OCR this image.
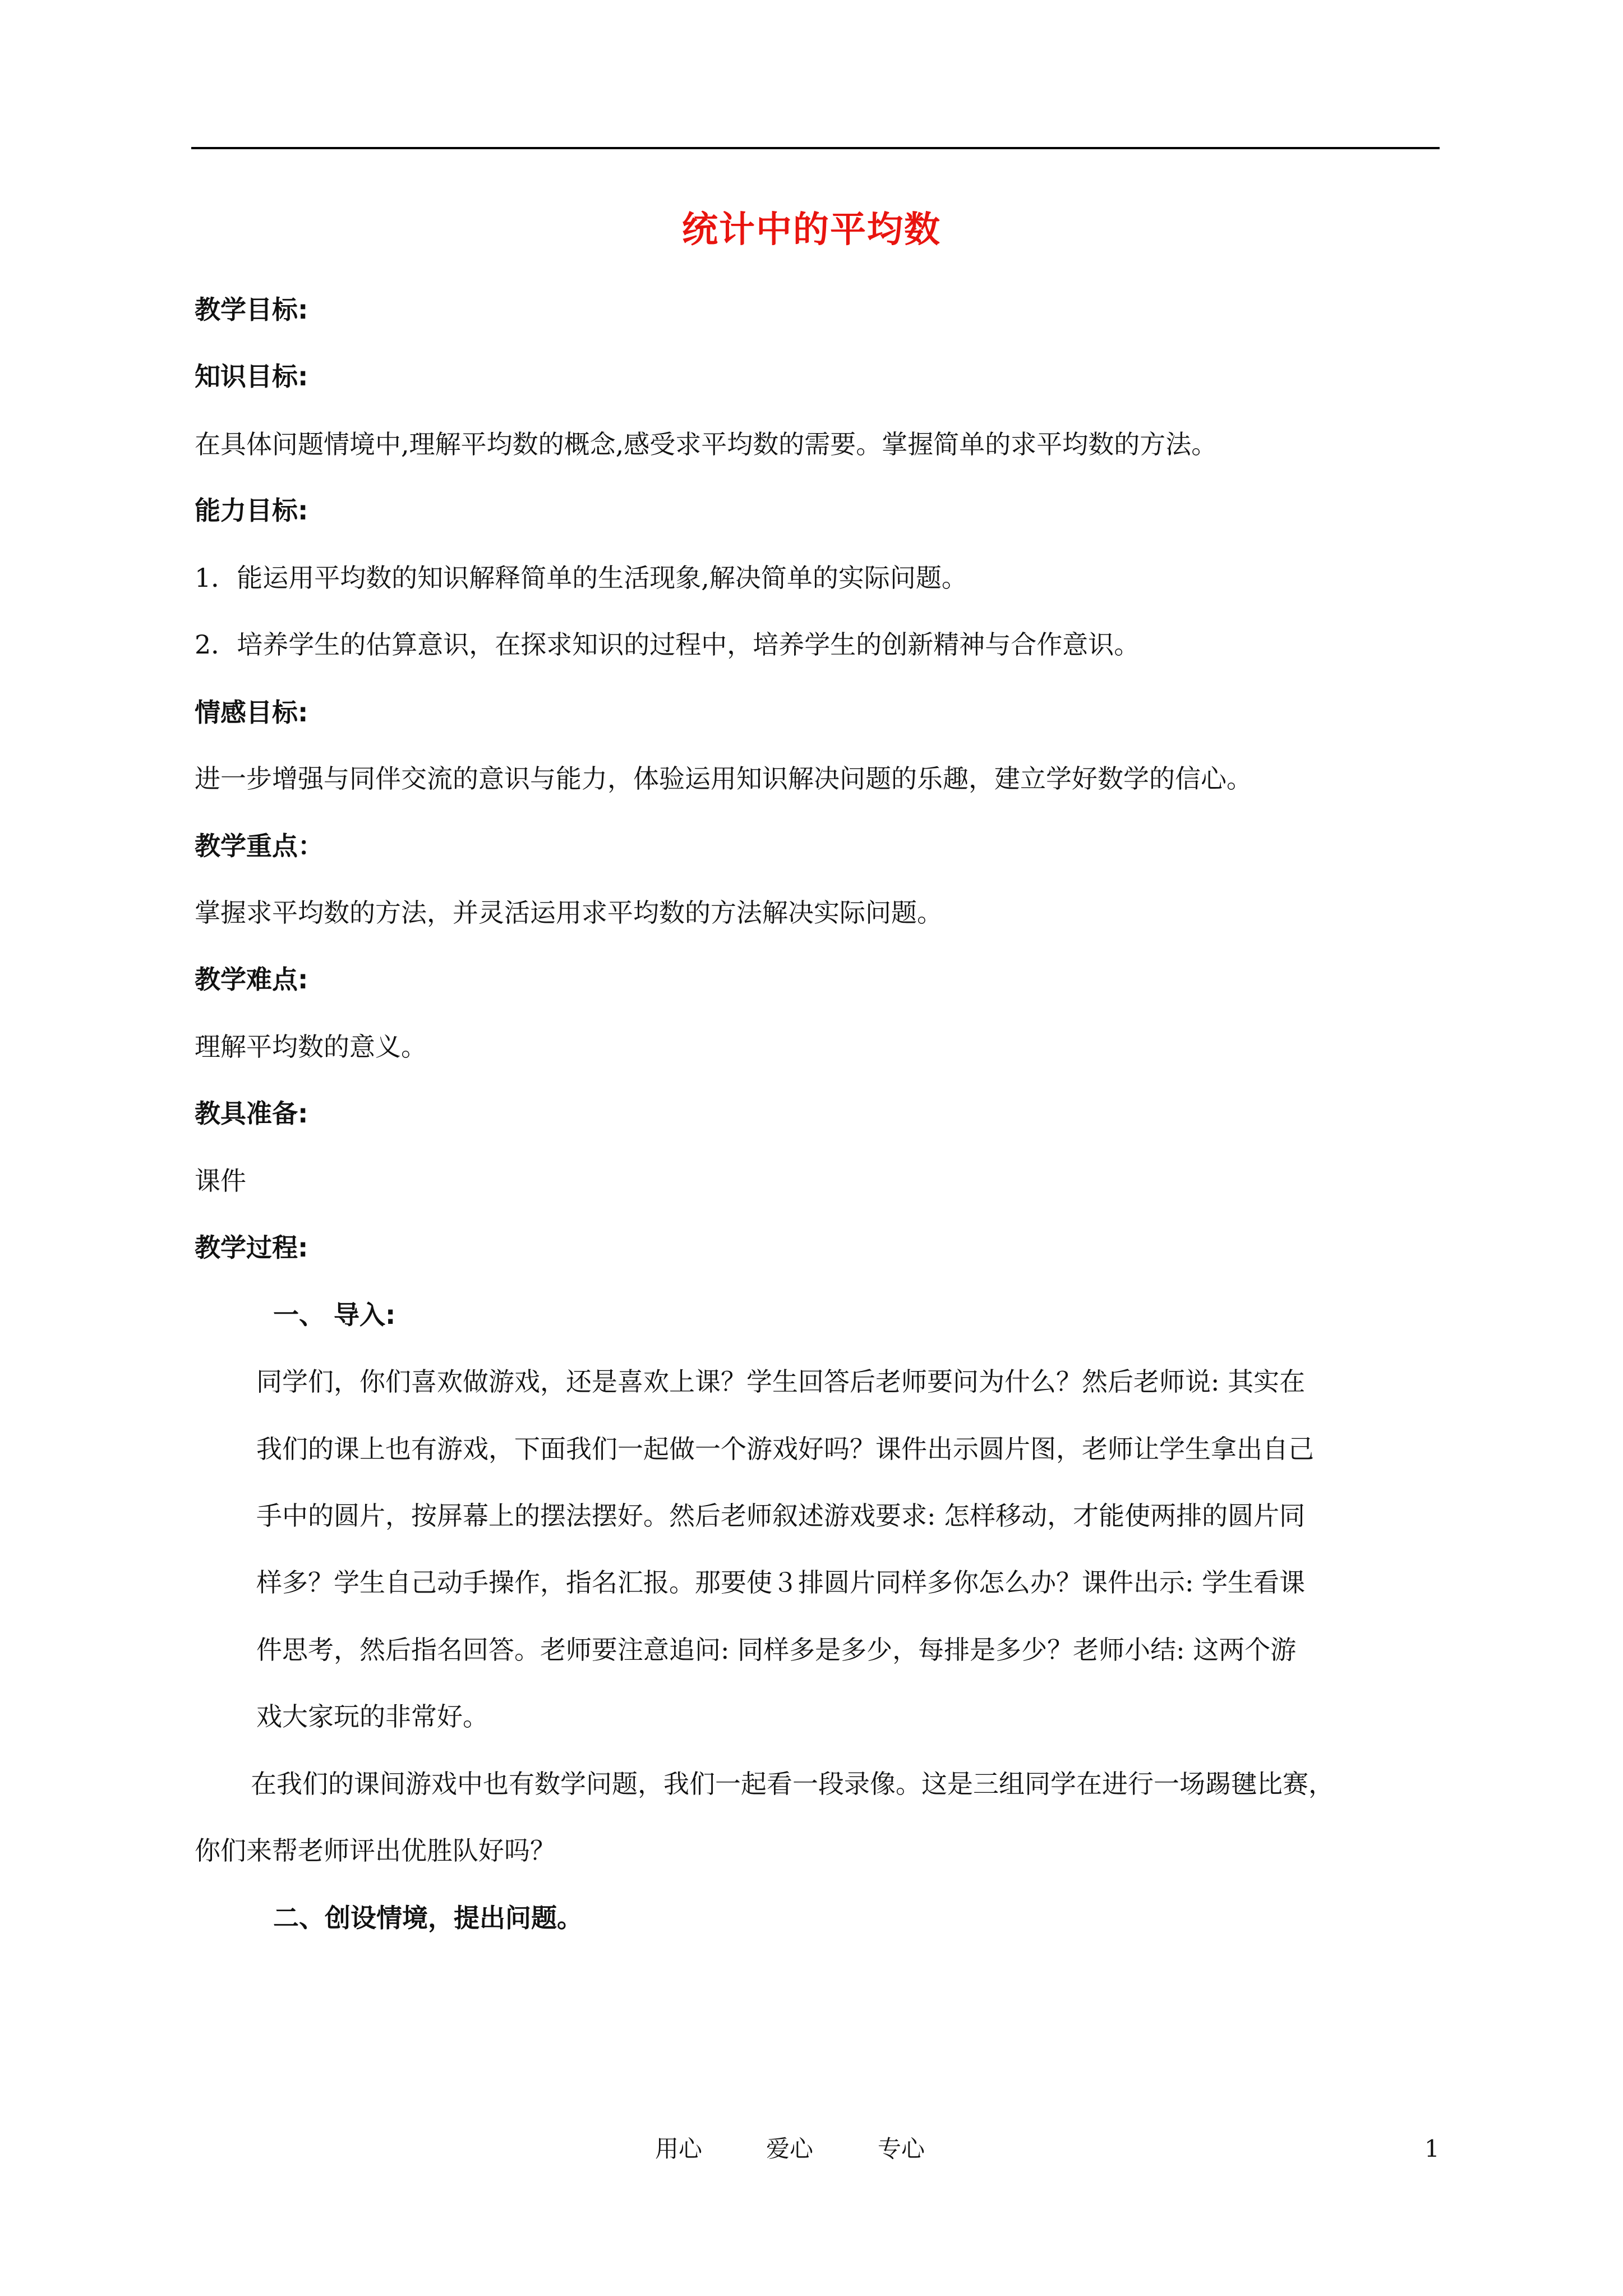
统计中的平均数
教学目标:
知识目标:
在具体问题情境中,理解平均数的概念,感受求平均数的需要。掌握简单的求平均数的方法。
能力目标:
1．能运用平均数的知识解释简单的生活现象,解决简单的实际问题。
2．培养学生的估算意识，在探求知识的过程中，培养学生的创新精神与合作意识。
情感目标:
进一步增强与同伴交流的意识与能力，体验运用知识解决问题的乐趣，建立学好数学的信心。
教学重点：
掌握求平均数的方法，并灵活运用求平均数的方法解决实际问题。
教学难点:
理解平均数的意义。
教具准备:
课件
教学过程:
一、 导入:
同学们，你们喜欢做游戏，还是喜欢上课？学生回答后老师要问为什么？然后老师说: 其实在
我们的课上也有游戏，下面我们一起做一个游戏好吗？课件出示圆片图，老师让学生拿出自己
手中的圆片，按屏幕上的摆法摆好。然后老师叙述游戏要求: 怎样移动，才能使两排的圆片同
样多？学生自己动手操作，指名汇报。那要使３排圆片同样多你怎么办？课件出示: 学生看课
件思考，然后指名回答。老师要注意追问: 同样多是多少，每排是多少？老师小结: 这两个游
戏大家玩的非常好。
在我们的课间游戏中也有数学问题，我们一起看一段录像。这是三组同学在进行一场踢毽比赛，
你们来帮老师评出优胜队好吗？
二、创设情境，提出问题。
用心	爱心	专心	1
